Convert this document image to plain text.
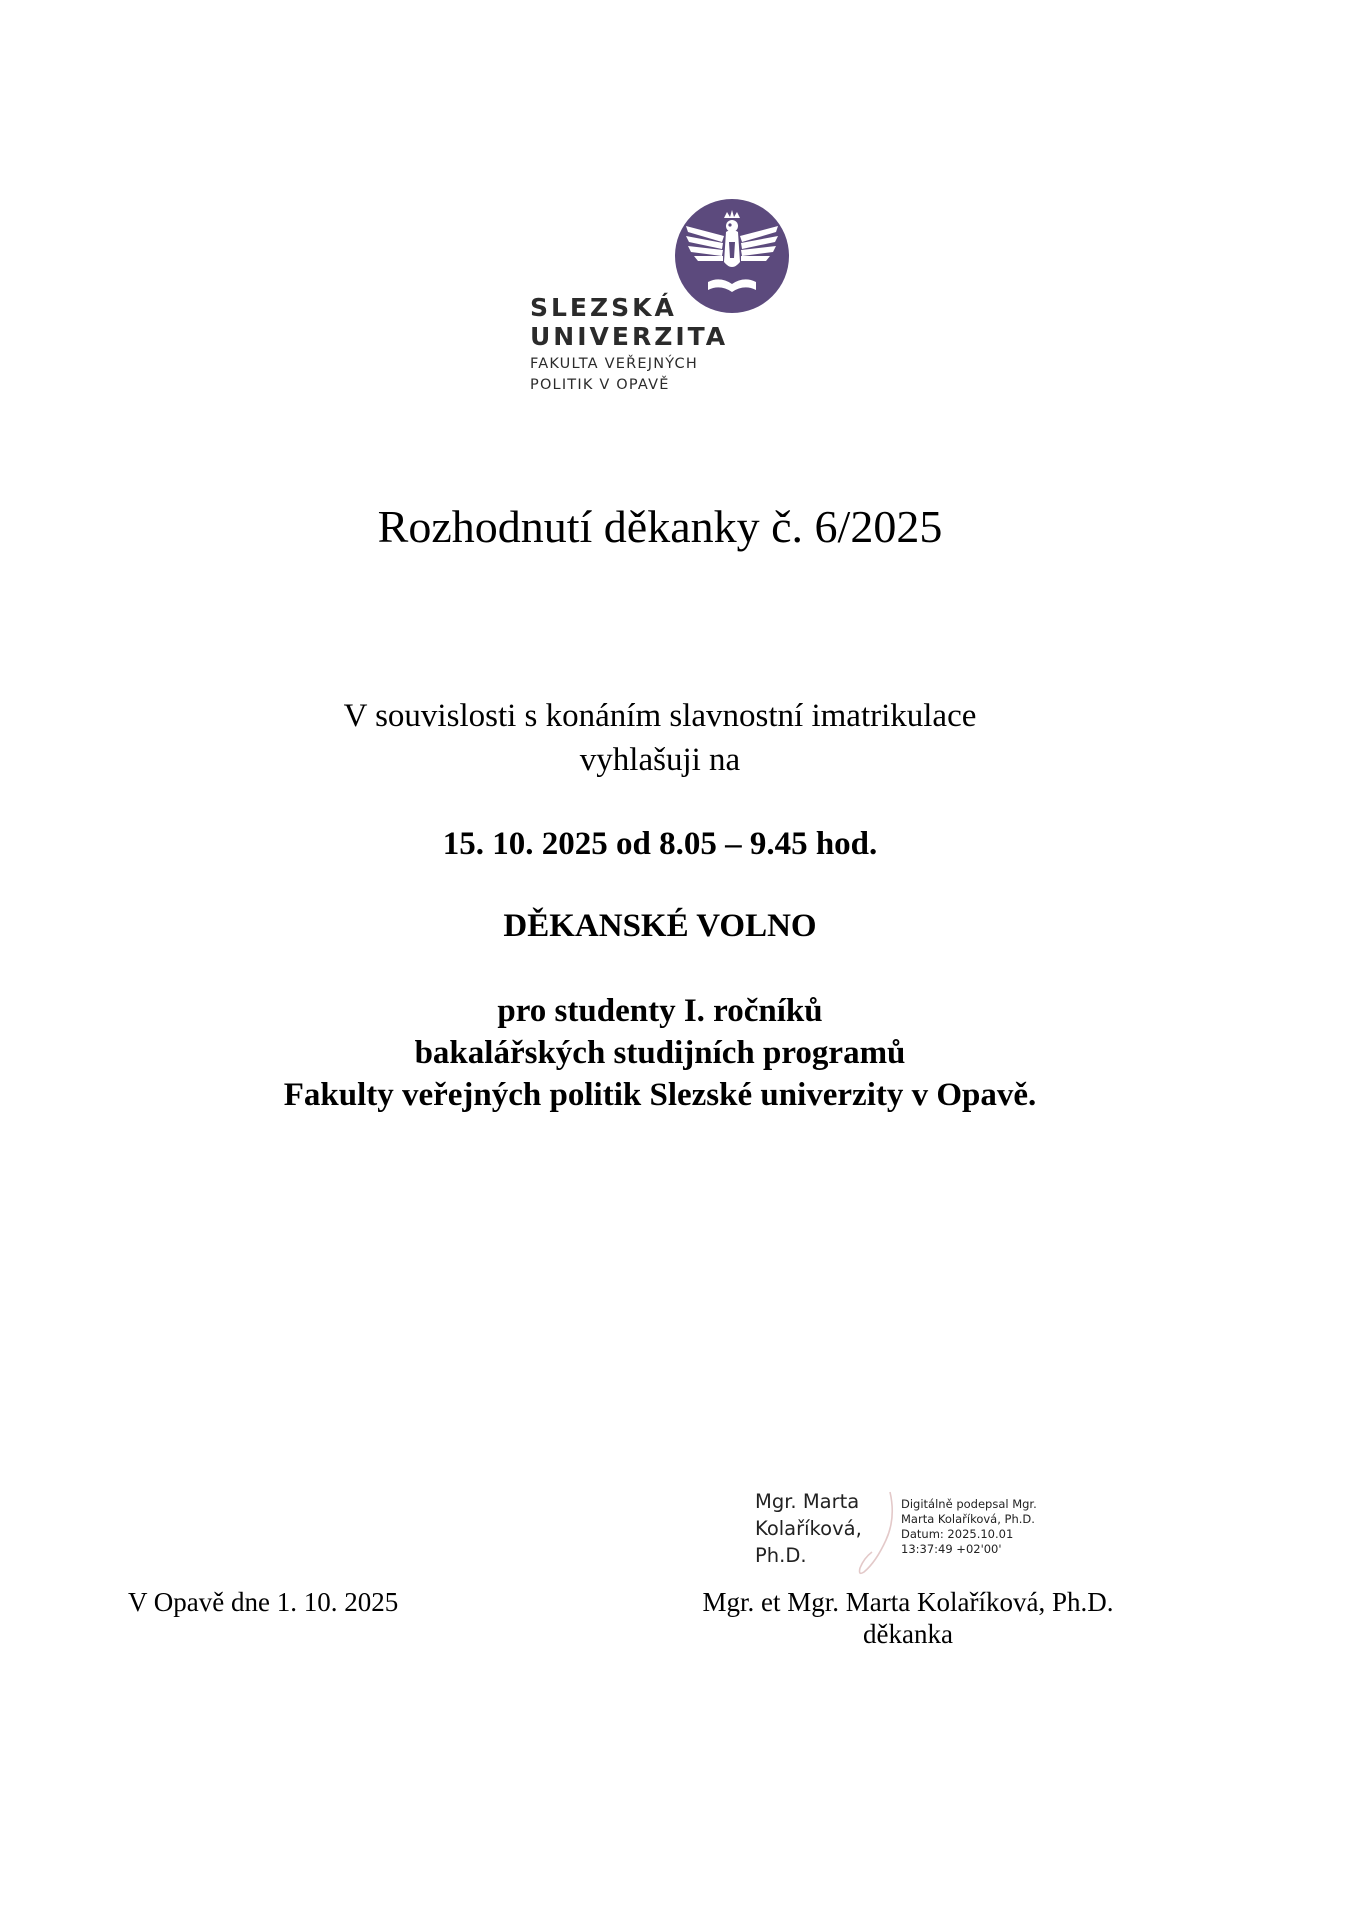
SLEZSKÁ
UNIVERZITA
FAKULTA VEŘEJNÝCH
POLITIK V OPAVĚ
Rozhodnutí děkanky č. 6/2025
V souvislosti s konáním slavnostní imatrikulace
vyhlašuji na
15. 10. 2025 od 8.05 – 9.45 hod.
DĚKANSKÉ VOLNO
pro studenty I. ročníků
bakalářských studijních programů
Fakulty veřejných politik Slezské univerzity v Opavě.
Mgr. Marta
Kolaříková,
Ph.D.
Digitálně podepsal Mgr.
Marta Kolaříková, Ph.D.
Datum: 2025.10.01
13:37:49 +02'00'
V Opavě dne 1. 10. 2025	Mgr. et Mgr. Marta Kolaříková, Ph.D.
děkanka
